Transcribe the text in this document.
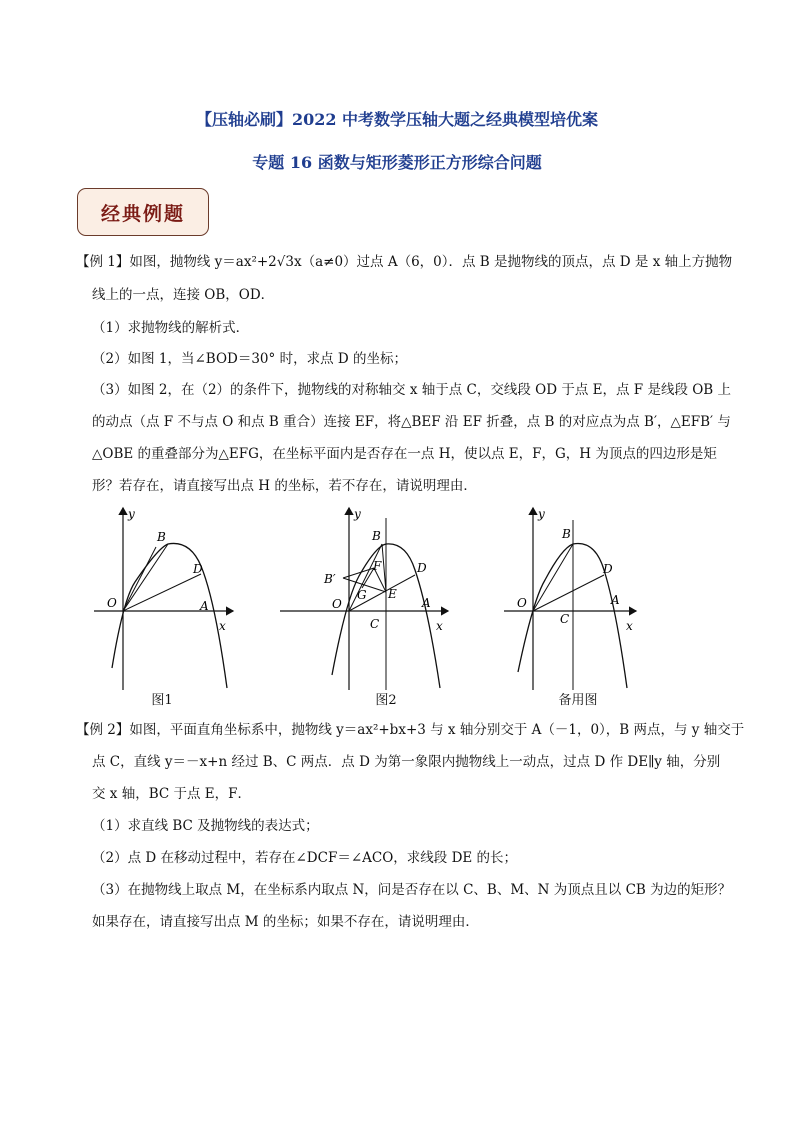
【压轴必刷】2022 中考数学压轴大题之经典模型培优案
专题 16 函数与矩形菱形正方形综合问题
经典例题
【例 1】如图，抛物线 y＝ax²+2√3x（a≠0）过点 A（6，0）．点 B 是抛物线的顶点，点 D 是 x 轴上方抛物
线上的一点，连接 OB，OD．
（1）求抛物线的解析式．
（2）如图 1，当∠BOD＝30° 时，求点 D 的坐标；
（3）如图 2，在（2）的条件下，抛物线的对称轴交 x 轴于点 C，交线段 OD 于点 E，点 F 是线段 OB 上
的动点（点 F 不与点 O 和点 B 重合）连接 EF，将△BEF 沿 EF 折叠，点 B 的对应点为点 B′，△EFB′ 与
△OBE 的重叠部分为△EFG，在坐标平面内是否存在一点 H，使以点 E，F，G，H 为顶点的四边形是矩
形？若存在，请直接写出点 H 的坐标，若不存在，请说明理由．
y
x
O	A
B
D
图1
y
x
O	A
B
C
D
E
F
G
B′
图2
y
x
O	A
B
C
D
备用图
【例 2】如图，平面直角坐标系中，抛物线 y＝ax²+bx+3 与 x 轴分别交于 A（－1，0），B 两点，与 y 轴交于
点 C，直线 y＝－x+n 经过 B、C 两点．点 D 为第一象限内抛物线上一动点，过点 D 作 DE∥y 轴，分别
交 x 轴，BC 于点 E，F．
（1）求直线 BC 及抛物线的表达式；
（2）点 D 在移动过程中，若存在∠DCF＝∠ACO，求线段 DE 的长；
（3）在抛物线上取点 M，在坐标系内取点 N，问是否存在以 C、B、M、N 为顶点且以 CB 为边的矩形？
如果存在，请直接写出点 M 的坐标；如果不存在，请说明理由．
